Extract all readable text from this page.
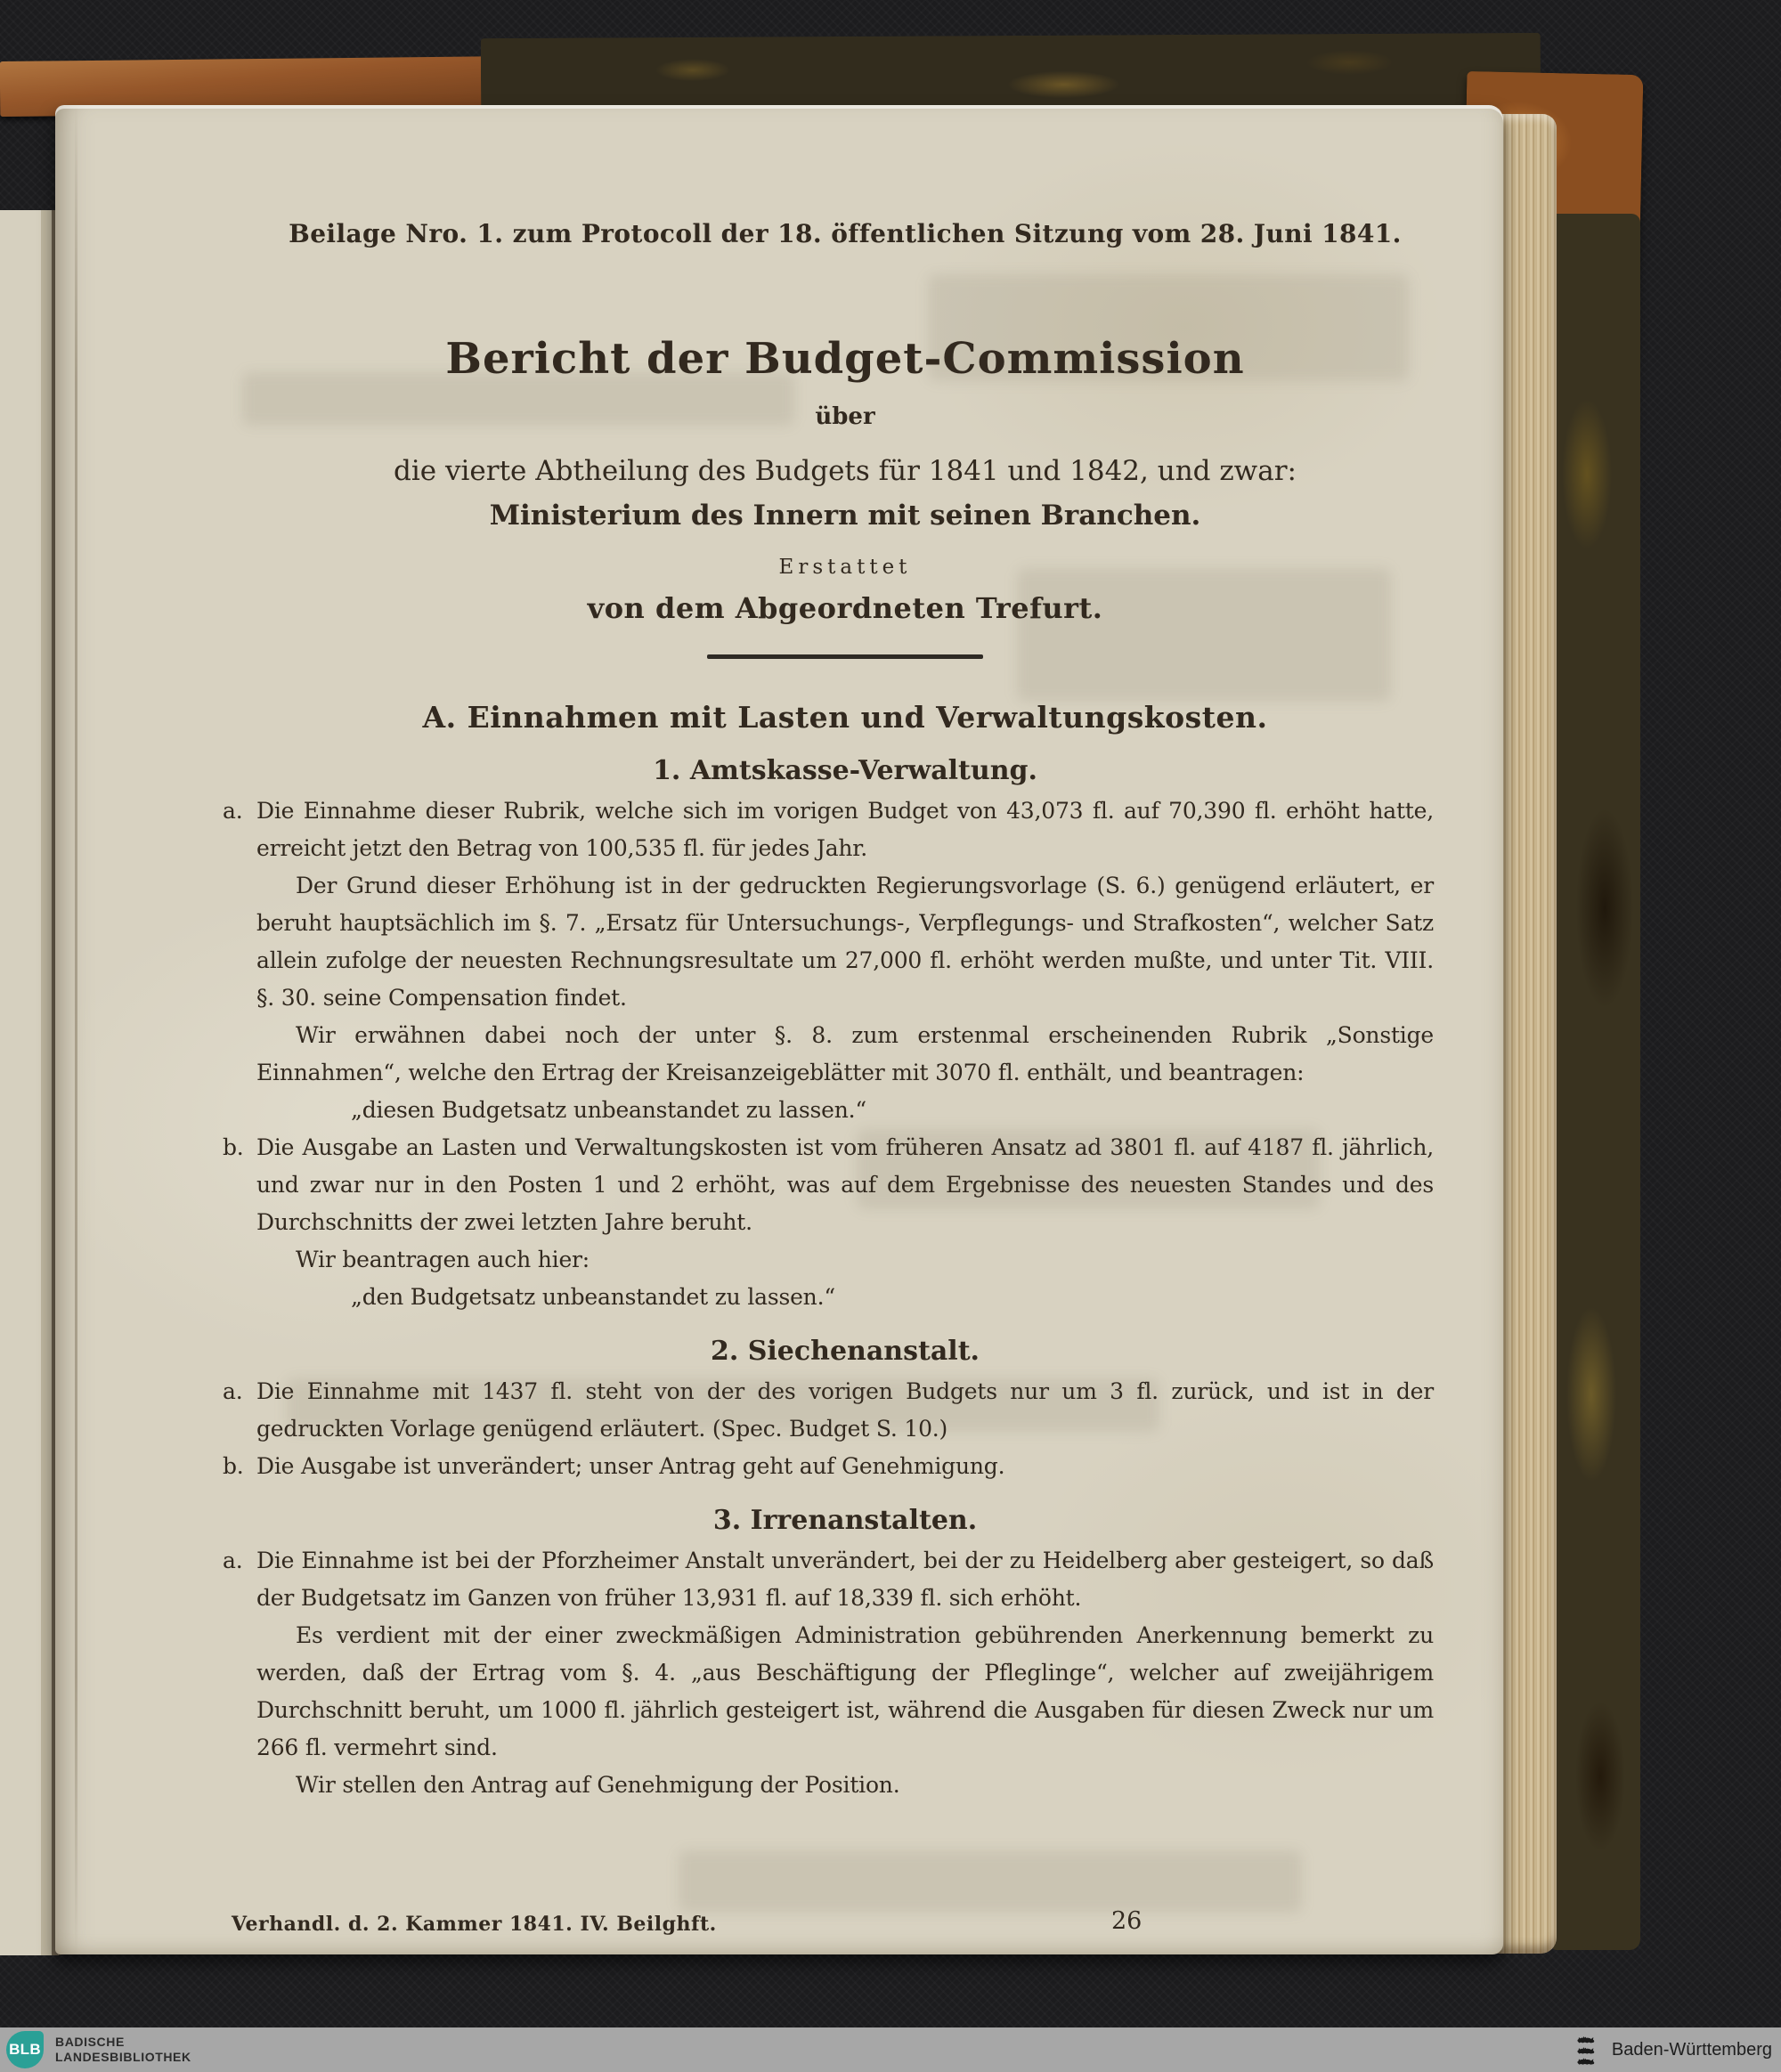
Beilage Nro. 1. zum Protocoll der 18. öffentlichen Sitzung vom 28. Juni 1841.

Bericht der Budget-Commission
über
die vierte Abtheilung des Budgets für 1841 und 1842, und zwar:
Ministerium des Innern mit seinen Branchen.
Erstattet
von dem Abgeordneten Trefurt.
A. Einnahmen mit Lasten und Verwaltungskosten.
1. Amtskasse-Verwaltung.

a. Die Einnahme dieser Rubrik, welche sich im vorigen Budget von 43,073 fl. auf 70,390 fl. erhöht hatte, erreicht jetzt den Betrag von 100,535 fl. für jedes Jahr.

Der Grund dieser Erhöhung ist in der gedruckten Regierungsvorlage (S. 6.) genügend erläutert, er beruht hauptsächlich im §. 7. „Ersatz für Untersuchungs-, Verpflegungs- und Strafkosten“, welcher Satz allein zufolge der neuesten Rechnungsresultate um 27,000 fl. erhöht werden mußte, und unter Tit. VIII. §. 30. seine Compensation findet.

Wir erwähnen dabei noch der unter §. 8. zum erstenmal erscheinenden Rubrik „Sonstige Einnahmen“, welche den Ertrag der Kreisanzeigeblätter mit 3070 fl. enthält, und beantragen:

„diesen Budgetsatz unbeanstandet zu lassen.“

b. Die Ausgabe an Lasten und Verwaltungskosten ist vom früheren Ansatz ad 3801 fl. auf 4187 fl. jährlich, und zwar nur in den Posten 1 und 2 erhöht, was auf dem Ergebnisse des neuesten Standes und des Durchschnitts der zwei letzten Jahre beruht.

Wir beantragen auch hier:

„den Budgetsatz unbeanstandet zu lassen.“

2. Siechenanstalt.

a. Die Einnahme mit 1437 fl. steht von der des vorigen Budgets nur um 3 fl. zurück, und ist in der gedruckten Vorlage genügend erläutert. (Spec. Budget S. 10.)

b. Die Ausgabe ist unverändert; unser Antrag geht auf Genehmigung.

3. Irrenanstalten.

a. Die Einnahme ist bei der Pforzheimer Anstalt unverändert, bei der zu Heidelberg aber gesteigert, so daß der Budgetsatz im Ganzen von früher 13,931 fl. auf 18,339 fl. sich erhöht.

Es verdient mit der einer zweckmäßigen Administration gebührenden Anerkennung bemerkt zu werden, daß der Ertrag vom §. 4. „aus Beschäftigung der Pfleglinge“, welcher auf zweijährigem Durchschnitt beruht, um 1000 fl. jährlich gesteigert ist, während die Ausgaben für diesen Zweck nur um 266 fl. vermehrt sind.

Wir stellen den Antrag auf Genehmigung der Position.

Verhandl. d. 2. Kammer 1841. IV. Beilghft.	26
BLB BADISCHE
LANDESBIBLIOTHEK	Baden-Württemberg
